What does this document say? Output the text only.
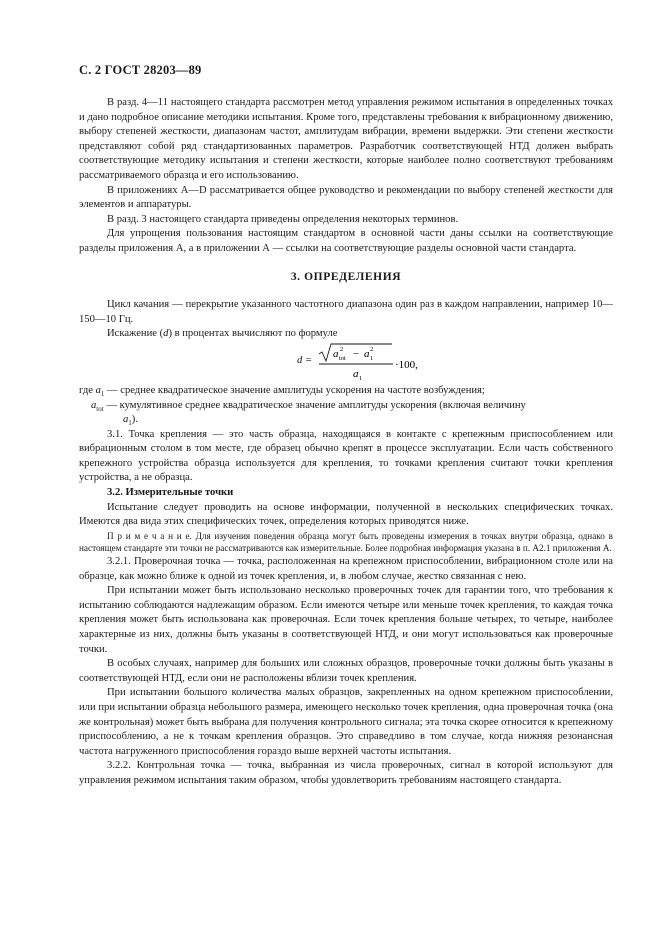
С. 2 ГОСТ 28203—89

В разд. 4—11 настоящего стандарта рассмотрен метод управления режимом испытания в определенных точках и дано подробное описание методики испытания. Кроме того, представлены требования к вибрационному движению, выбору степеней жесткости, диапазонам частот, амплитудам вибрации, времени выдержки. Эти степени жесткости представляют собой ряд стандартизованных параметров. Разработчик соответствующей НТД должен выбрать соответствующие методику испытания и степени жесткости, которые наиболее полно соответствуют требованиям рассматриваемого образца и его использованию.

В приложениях А—D рассматривается общее руководство и рекомендации по выбору степеней жесткости для элементов и аппаратуры.

В разд. 3 настоящего стандарта приведены определения некоторых терминов.

Для упрощения пользования настоящим стандартом в основной части даны ссылки на соответствующие разделы приложения А, а в приложении А — ссылки на соответствующие разделы основной части стандарта.

3. ОПРЕДЕЛЕНИЯ

Цикл качания — перекрытие указанного частотного диапазона один раз в каждом направлении, например 10—150—10 Гц.

Искажение (d) в процентах вычисляют по формуле

d =
a tot
2 − a 1
2
a 1
·100,

где $a_1$ — среднее квадратическое значение амплитуды ускорения на частоте возбуждения;

$a_{tot}$ — кумулятивное среднее квадратическое значение амплитуды ускорения (включая величину
$a_1$).

3.1. Точка крепления — это часть образца, находящаяся в контакте с крепежным приспособлением или вибрационным столом в том месте, где образец обычно крепят в процессе эксплуатации. Если часть собственного крепежного устройства образца используется для крепления, то точками крепления считают точки крепления устройства, а не образца.

3.2. Измерительные точки

Испытание следует проводить на основе информации, полученной в нескольких специфических точках. Имеются два вида этих специфических точек, определения которых приводятся ниже.

П р и м е ч а н и е. Для изучения поведения образца могут быть проведены измерения в точках внутри образца, однако в настоящем стандарте эти точки не рассматриваются как измерительные. Более подробная информация указана в п. А2.1 приложения А.

3.2.1. Проверочная точка — точка, расположенная на крепежном приспособлении, вибрационном столе или на образце, как можно ближе к одной из точек крепления, и, в любом случае, жестко связанная с нею.

При испытании может быть использовано несколько проверочных точек для гарантии того, что требования к испытанию соблюдаются надлежащим образом. Если имеются четыре или меньше точек крепления, то каждая точка крепления может быть использована как проверочная. Если точек крепления больше четырех, то четыре, наиболее характерные из них, должны быть указаны в соответствующей НТД, и они могут использоваться как проверочные точки.

В особых случаях, например для больших или сложных образцов, проверочные точки должны быть указаны в соответствующей НТД, если они не расположены вблизи точек крепления.

При испытании большого количества малых образцов, закрепленных на одном крепежном приспособлении, или при испытании образца небольшого размера, имеющего несколько точек крепления, одна проверочная точка (она же контрольная) может быть выбрана для получения контрольного сигнала; эта точка скорее относится к крепежному приспособлению, а не к точкам крепления образцов. Это справедливо в том случае, когда нижняя резонансная частота нагруженного приспособления гораздо выше верхней частоты испытания.

3.2.2. Контрольная точка — точка, выбранная из числа проверочных, сигнал в которой используют для управления режимом испытания таким образом, чтобы удовлетворить требованиям настоящего стандарта.
